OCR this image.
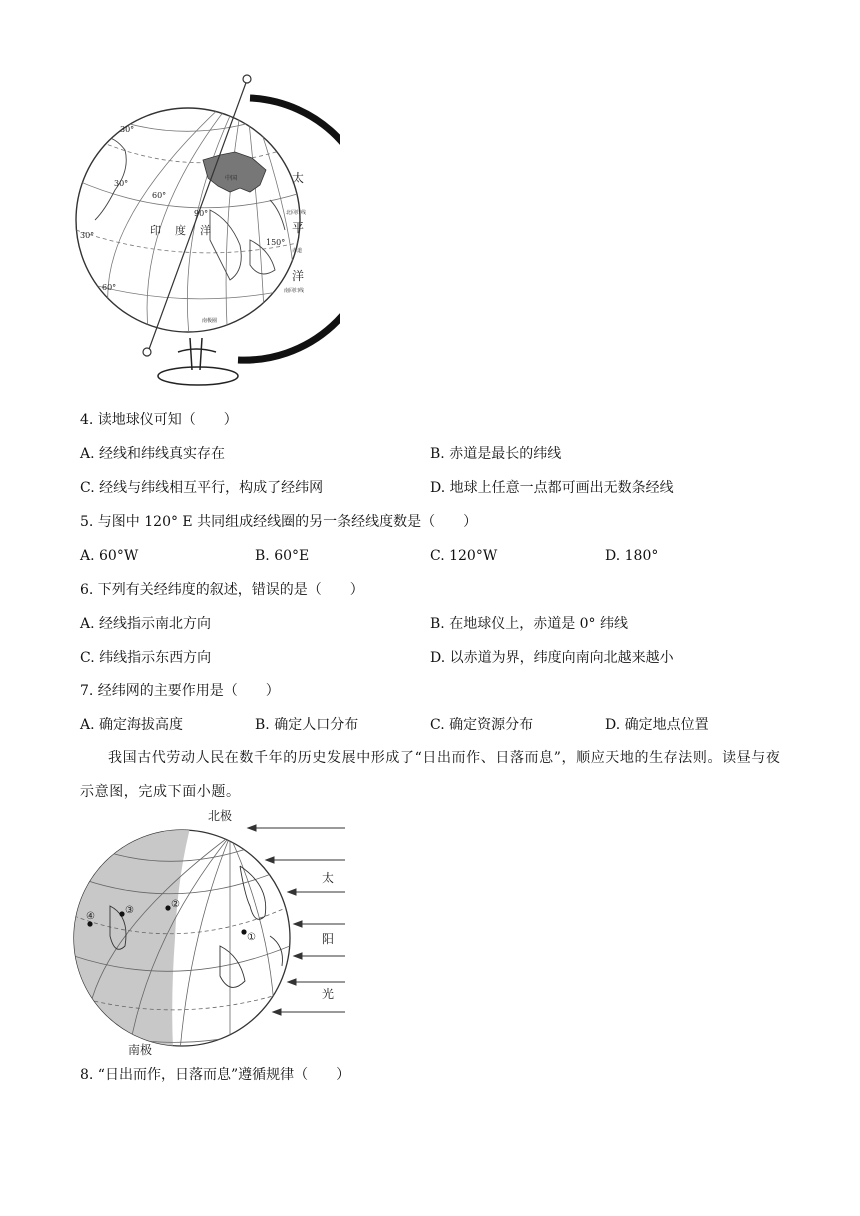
中国	太
平
洋
印 度 洋
30°
30°
30°
60°
60°
90°
150°
北回归线
赤道
南回归线
南极圈
4. 读地球仪可知（　　）
A. 经线和纬线真实存在	B. 赤道是最长的纬线
C. 经线与纬线相互平行，构成了经纬网	D. 地球上任意一点都可画出无数条经线
5. 与图中 120° E 共同组成经线圈的另一条经线度数是（　　）
A. 60°W	B. 60°E	C. 120°W	D. 180°
6. 下列有关经纬度的叙述，错误的是（　　）
A. 经线指示南北方向	B. 在地球仪上，赤道是 0° 纬线
C. 纬线指示东西方向	D. 以赤道为界，纬度向南向北越来越小
7. 经纬网的主要作用是（　　）
A. 确定海拔高度	B. 确定人口分布	C. 确定资源分布	D. 确定地点位置
我国古代劳动人民在数千年的历史发展中形成了“日出而作、日落而息”，顺应天地的生存法则。读昼与夜示意图，完成下面小题。
北极
南极
太
阳
光
①
②
③
④
8. “日出而作，日落而息”遵循规律（　　）
